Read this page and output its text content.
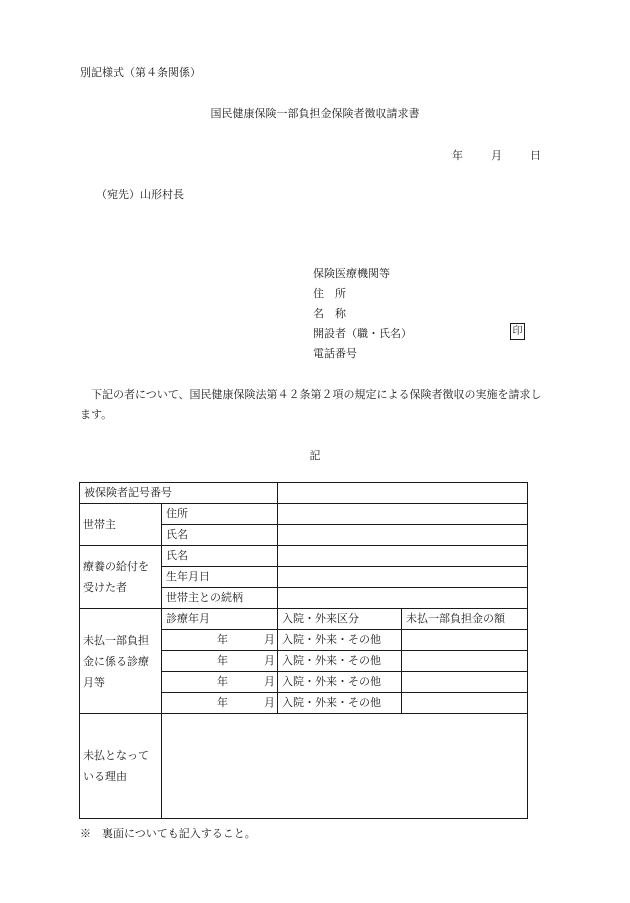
別記様式（第４条関係）
国民健康保険一部負担金保険者徴収請求書
年	月	日
（宛先）山形村長
保険医療機関等
住　所
名　称
開設者（職・氏名）	印
電話番号
下記の者について、国民健康保険法第４２条第２項の規定による保険者徴収の実施を請求します。
記
被保険者記号番号			
世帯主	住所		
	氏名		
療養の給付を受けた者	氏名		
	生年月日		
	世帯主との続柄		
未払一部負担金に係る診療月等	診療年月	入院・外来区分	未払一部負担金の額

	年 月	入院・外来・その他	

	年 月	入院・外来・その他	

	年 月	入院・外来・その他	

	年 月	入院・外来・その他	
未払となっている理由			
※　裏面についても記入すること。
